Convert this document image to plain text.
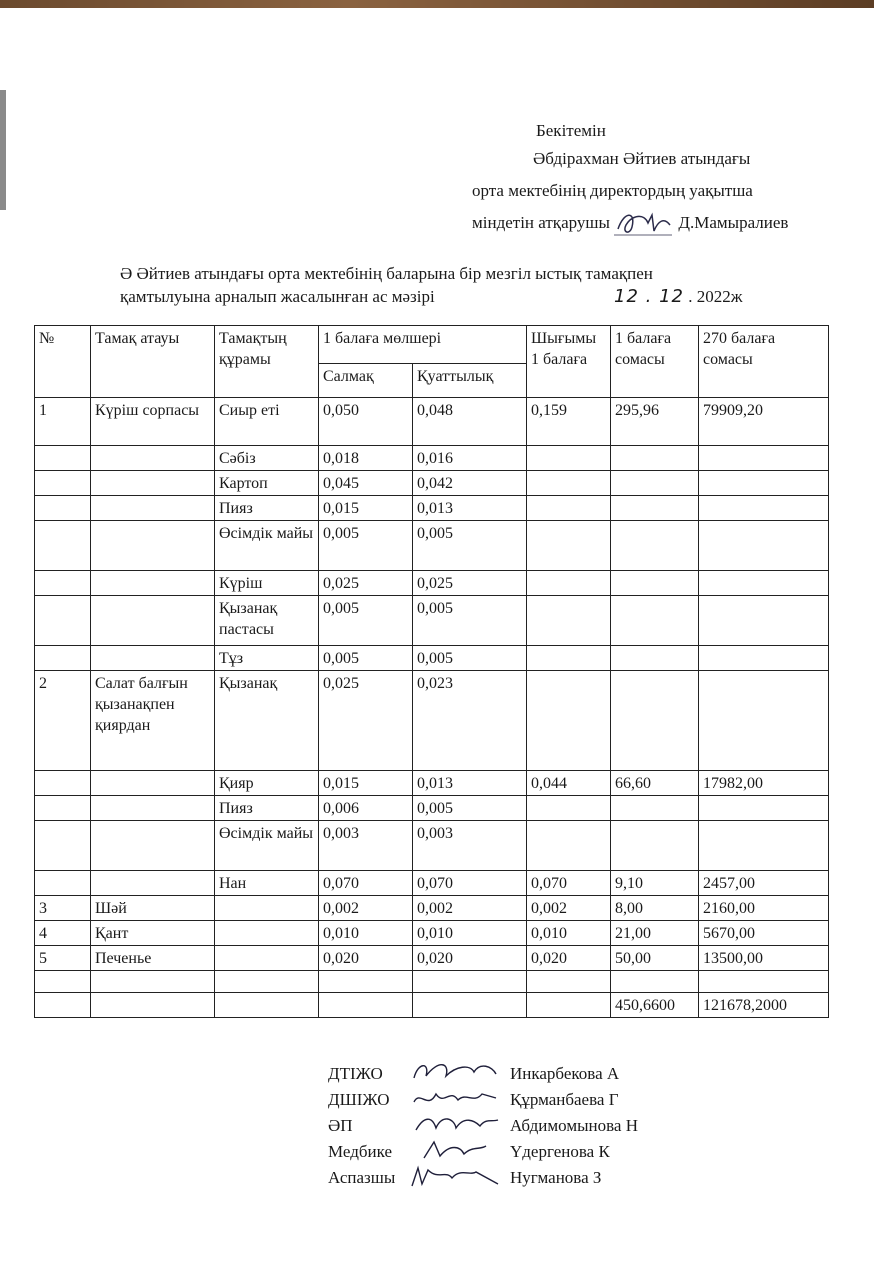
Бекітемін
Әбдірахман Әйтиев атындағы
орта мектебінің директордың уақытша
міндетін атқарушы	Д.Мамыралиев
Ә Әйтиев атындағы орта мектебінің баларына бір мезгіл ыстық тамақпен
қамтылуына арналып жасалынған ас мәзірі	12 . 12 . 2022ж
№	Тамақ атауы	Тамақтың құрамы	1 балаға мөлшері		Шығымы 1 балаға	1 балаға сомасы	270 балаға сомасы
			Салмақ	Қуаттылық			
1	Күріш сорпасы	Сиыр еті	0,050	0,048	0,159	295,96	79909,20
		Сәбіз	0,018	0,016			
		Картоп	0,045	0,042			
		Пияз	0,015	0,013			
		Өсімдік майы	0,005	0,005			
		Күріш	0,025	0,025			
		Қызанақ пастасы	0,005	0,005			
		Тұз	0,005	0,005			
2	Салат балғын қызанақпен қиярдан	Қызанақ	0,025	0,023			
		Қияр	0,015	0,013	0,044	66,60	17982,00
		Пияз	0,006	0,005			
		Өсімдік майы	0,003	0,003			
		Нан	0,070	0,070	0,070	9,10	2457,00
3	Шәй		0,002	0,002	0,002	8,00	2160,00
4	Қант		0,010	0,010	0,010	21,00	5670,00
5	Печенье		0,020	0,020	0,020	50,00	13500,00

						450,6600	121678,2000
ДТІЖО	Инкарбекова А
ДШІЖО	Құрманбаева Г
ӘП	Абдимомынова Н
Медбике	Үдергенова К
Аспазшы	Нугманова З
